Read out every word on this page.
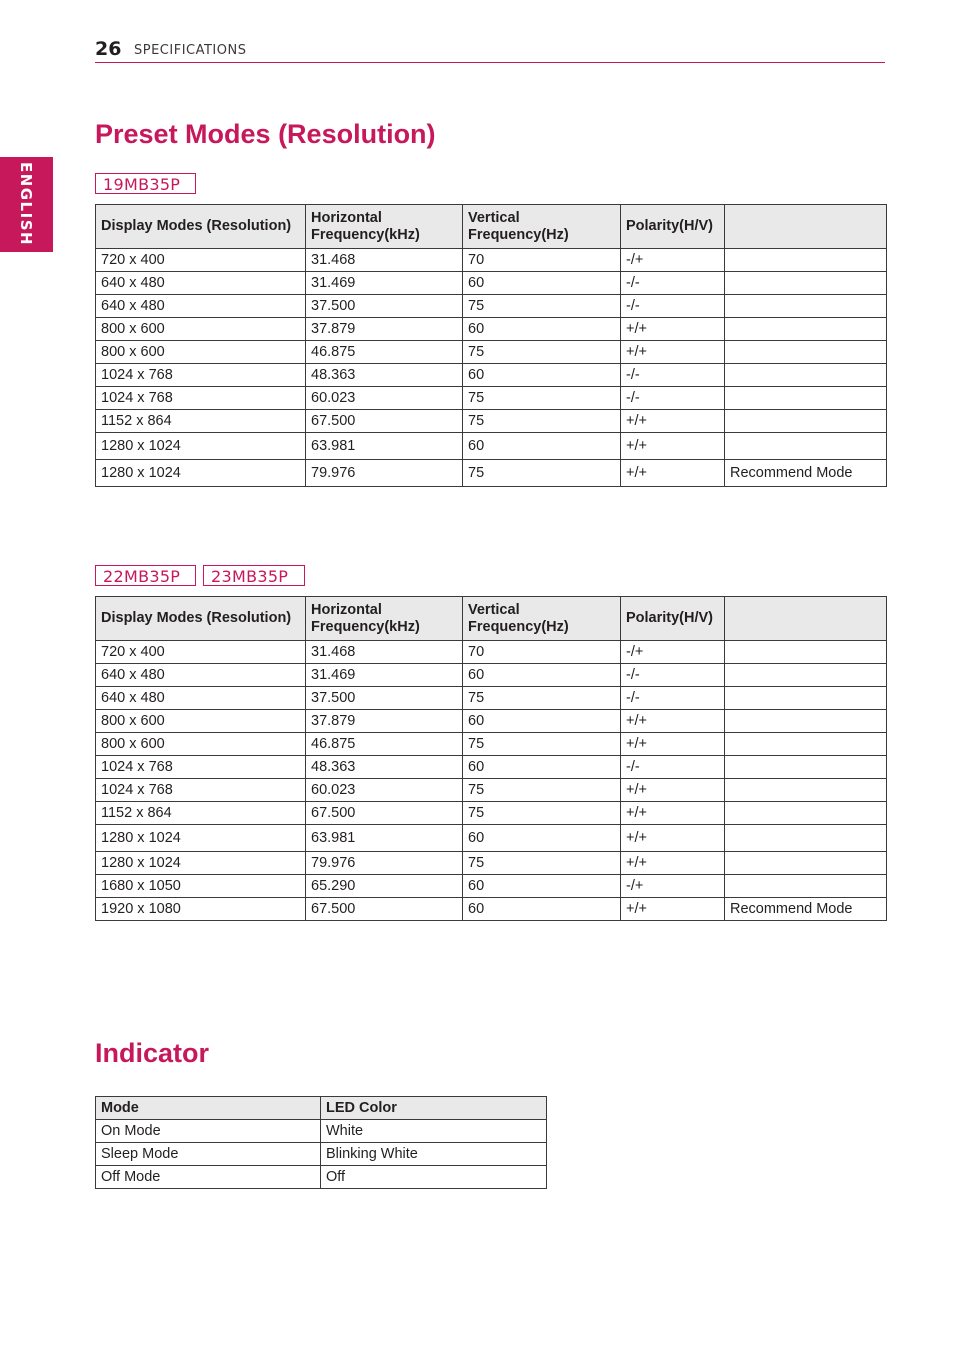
26 SPECIFICATIONS
ENGLISH
Preset Modes (Resolution)
19MB35P
Display Modes (Resolution)	Horizontal Frequency(kHz)	Vertical Frequency(Hz)	Polarity(H/V)	
720 x 400	31.468	70	-/+	
640 x 480	31.469	60	-/-	
640 x 480	37.500	75	-/-	
800 x 600	37.879	60	+/+	
800 x 600	46.875	75	+/+	
1024 x 768	48.363	60	-/-	
1024 x 768	60.023	75	-/-	
1152 x 864	67.500	75	+/+	
1280 x 1024	63.981	60	+/+	
1280 x 1024	79.976	75	+/+	Recommend Mode
22MB35P	23MB35P
Display Modes (Resolution)	Horizontal Frequency(kHz)	Vertical Frequency(Hz)	Polarity(H/V)	
720 x 400	31.468	70	-/+	
640 x 480	31.469	60	-/-	
640 x 480	37.500	75	-/-	
800 x 600	37.879	60	+/+	
800 x 600	46.875	75	+/+	
1024 x 768	48.363	60	-/-	
1024 x 768	60.023	75	+/+	
1152 x 864	67.500	75	+/+	
1280 x 1024	63.981	60	+/+	
1280 x 1024	79.976	75	+/+	
1680 x 1050	65.290	60	-/+	
1920 x 1080	67.500	60	+/+	Recommend Mode
Indicator
Mode	LED Color
On Mode	White
Sleep Mode	Blinking White
Off Mode	Off
